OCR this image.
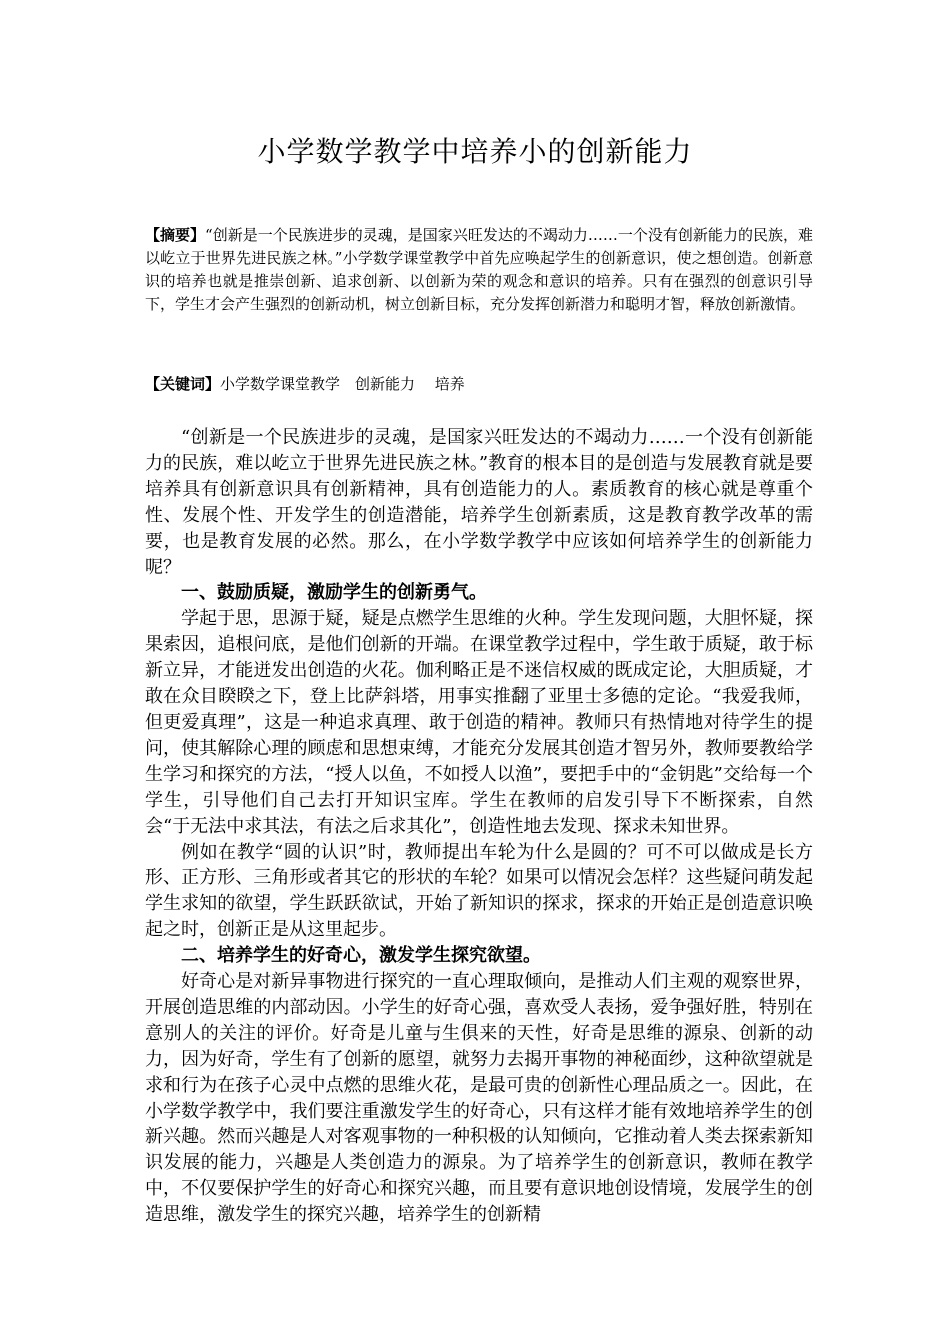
小学数学教学中培养小的创新能力
【摘要】“创新是一个民族进步的灵魂，是国家兴旺发达的不竭动力……一个没有创新能力的民族，难以屹立于世界先进民族之林。”小学数学课堂教学中首先应唤起学生的创新意识，使之想创造。创新意识的培养也就是推崇创新、追求创新、以创新为荣的观念和意识的培养。只有在强烈的创意识引导下，学生才会产生强烈的创新动机，树立创新目标，充分发挥创新潜力和聪明才智，释放创新激情。
【关键词】小学数学课堂教学　创新能力　 培养

“创新是一个民族进步的灵魂，是国家兴旺发达的不竭动力……一个没有创新能力的民族，难以屹立于世界先进民族之林。”教育的根本目的是创造与发展教育就是要培养具有创新意识具有创新精神，具有创造能力的人。素质教育的核心就是尊重个性、发展个性、开发学生的创造潜能，培养学生创新素质，这是教育教学改革的需要，也是教育发展的必然。那么，在小学数学教学中应该如何培养学生的创新能力呢？

一、鼓励质疑，激励学生的创新勇气。

学起于思，思源于疑，疑是点燃学生思维的火种。学生发现问题，大胆怀疑，探果索因，追根问底，是他们创新的开端。在课堂教学过程中，学生敢于质疑，敢于标新立异，才能迸发出创造的火花。伽利略正是不迷信权威的既成定论，大胆质疑，才敢在众目睽睽之下，登上比萨斜塔，用事实推翻了亚里士多德的定论。“我爱我师，但更爱真理”，这是一种追求真理、敢于创造的精神。教师只有热情地对待学生的提问，使其解除心理的顾虑和思想束缚，才能充分发展其创造才智另外，教师要教给学生学习和探究的方法，“授人以鱼，不如授人以渔”，要把手中的“金钥匙”交给每一个学生，引导他们自己去打开知识宝库。学生在教师的启发引导下不断探索，自然会“于无法中求其法，有法之后求其化”，创造性地去发现、探求未知世界。

例如在教学“圆的认识”时，教师提出车轮为什么是圆的？可不可以做成是长方形、正方形、三角形或者其它的形状的车轮？如果可以情况会怎样？这些疑问萌发起学生求知的欲望，学生跃跃欲试，开始了新知识的探求，探求的开始正是创造意识唤起之时，创新正是从这里起步。

二、培养学生的好奇心，激发学生探究欲望。

好奇心是对新异事物进行探究的一直心理取倾向，是推动人们主观的观察世界，开展创造思维的内部动因。小学生的好奇心强，喜欢受人表扬，爱争强好胜，特别在意别人的关注的评价。好奇是儿童与生俱来的天性，好奇是思维的源泉、创新的动力，因为好奇，学生有了创新的愿望，就努力去揭开事物的神秘面纱，这种欲望就是求和行为在孩子心灵中点燃的思维火花，是最可贵的创新性心理品质之一。因此，在小学数学教学中，我们要注重激发学生的好奇心，只有这样才能有效地培养学生的创新兴趣。然而兴趣是人对客观事物的一种积极的认知倾向，它推动着人类去探索新知识发展的能力，兴趣是人类创造力的源泉。为了培养学生的创新意识，教师在教学中，不仅要保护学生的好奇心和探究兴趣，而且要有意识地创设情境，发展学生的创造思维，激发学生的探究兴趣，培养学生的创新精
